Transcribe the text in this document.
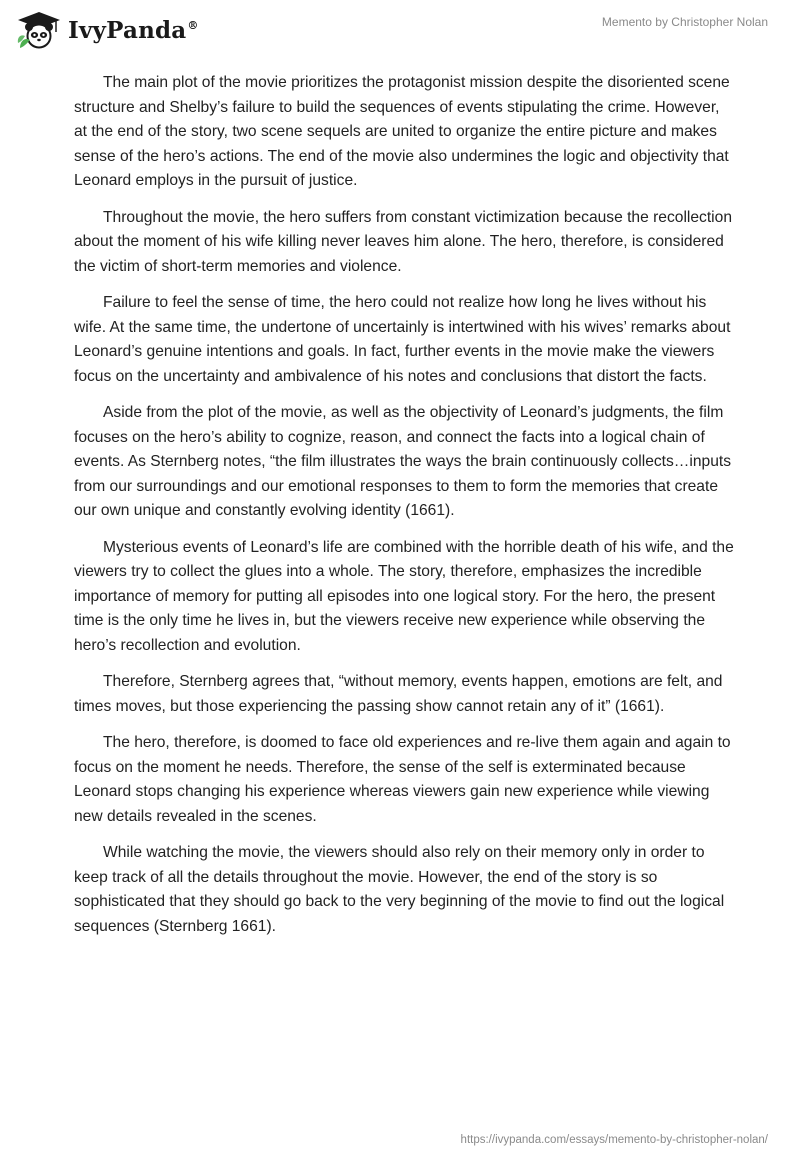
IvyPanda®	Memento by Christopher Nolan

The main plot of the movie prioritizes the protagonist mission despite the disoriented scene structure and Shelby’s failure to build the sequences of events stipulating the crime. However, at the end of the story, two scene sequels are united to organize the entire picture and makes sense of the hero’s actions. The end of the movie also undermines the logic and objectivity that Leonard employs in the pursuit of justice.

Throughout the movie, the hero suffers from constant victimization because the recollection about the moment of his wife killing never leaves him alone. The hero, therefore, is considered the victim of short-term memories and violence.

Failure to feel the sense of time, the hero could not realize how long he lives without his wife. At the same time, the undertone of uncertainly is intertwined with his wives’ remarks about Leonard’s genuine intentions and goals. In fact, further events in the movie make the viewers focus on the uncertainty and ambivalence of his notes and conclusions that distort the facts.

Aside from the plot of the movie, as well as the objectivity of Leonard’s judgments, the film focuses on the hero’s ability to cognize, reason, and connect the facts into a logical chain of events. As Sternberg notes, “the film illustrates the ways the brain continuously collects…inputs from our surroundings and our emotional responses to them to form the memories that create our own unique and constantly evolving identity (1661).

Mysterious events of Leonard’s life are combined with the horrible death of his wife, and the viewers try to collect the glues into a whole. The story, therefore, emphasizes the incredible importance of memory for putting all episodes into one logical story. For the hero, the present time is the only time he lives in, but the viewers receive new experience while observing the hero’s recollection and evolution.

Therefore, Sternberg agrees that, “without memory, events happen, emotions are felt, and times moves, but those experiencing the passing show cannot retain any of it” (1661).

The hero, therefore, is doomed to face old experiences and re-live them again and again to focus on the moment he needs. Therefore, the sense of the self is exterminated because Leonard stops changing his experience whereas viewers gain new experience while viewing new details revealed in the scenes.

While watching the movie, the viewers should also rely on their memory only in order to keep track of all the details throughout the movie. However, the end of the story is so sophisticated that they should go back to the very beginning of the movie to find out the logical sequences (Sternberg 1661).

https://ivypanda.com/essays/memento-by-christopher-nolan/
